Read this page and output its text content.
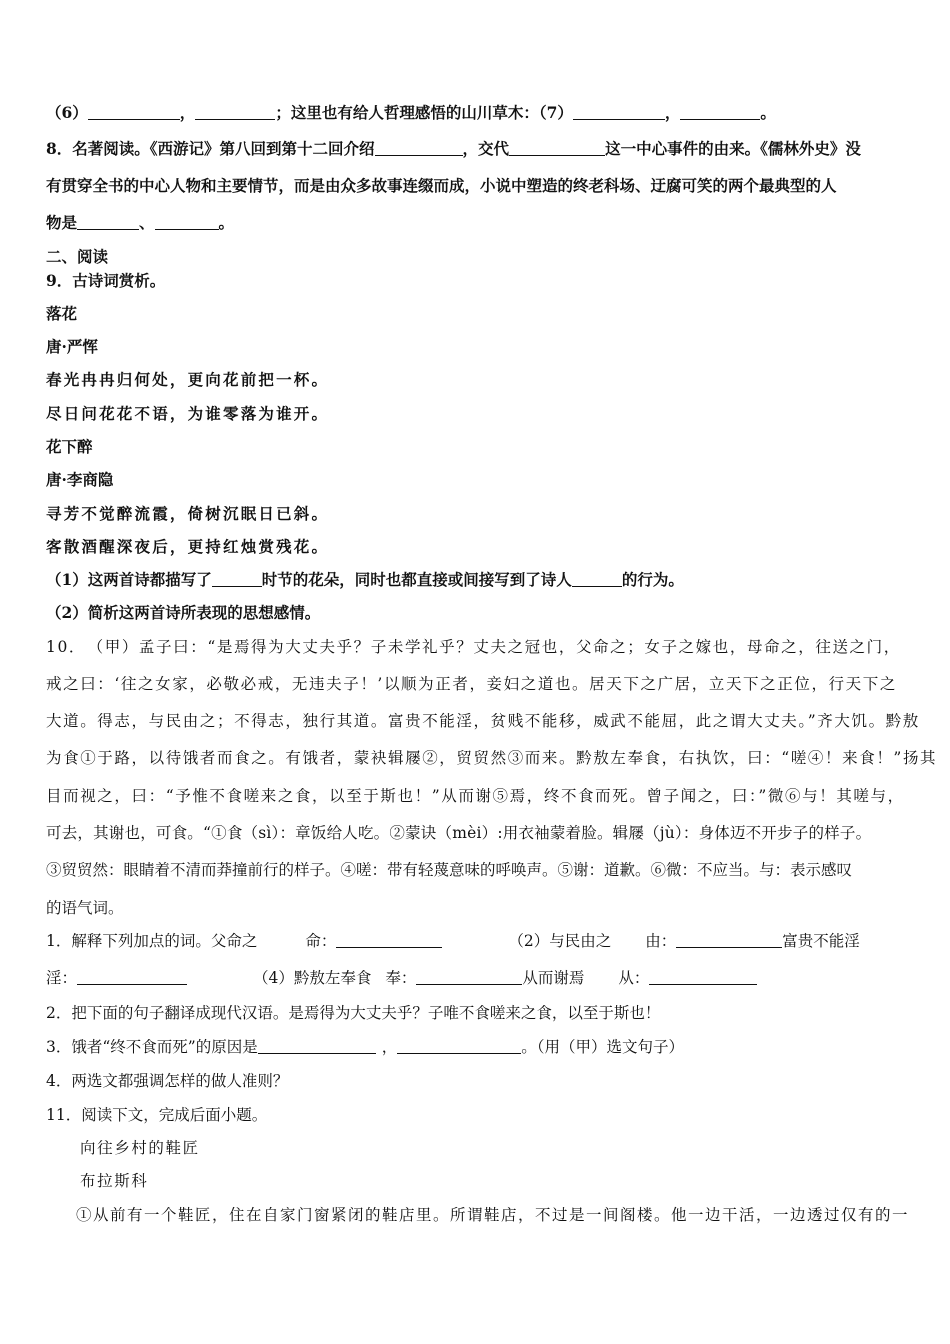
（6）	，	；这里也有给人哲理感悟的山川草木：（7）	，	。
8．名著阅读。《西游记》第八回到第十二回介绍	，交代	这一中心事件的由来。《儒林外史》没
有贯穿全书的中心人物和主要情节，而是由众多故事连缀而成，小说中塑造的终老科场、迂腐可笑的两个最典型的人
物是	、	。
二、阅读
9．古诗词赏析。
落花
唐·严恽
春光冉冉归何处，更向花前把一杯。
尽日问花花不语，为谁零落为谁开。
花下醉
唐·李商隐
寻芳不觉醉流霞，倚树沉眠日已斜。
客散酒醒深夜后，更持红烛赏残花。
（1）这两首诗都描写了	时节的花朵，同时也都直接或间接写到了诗人	的行为。
（2）简析这两首诗所表现的思想感情。
10．　（甲）孟子曰：“是焉得为大丈夫乎？子未学礼乎？丈夫之冠也，父命之；女子之嫁也，母命之，往送之门，
戒之曰：‘往之女家，必敬必戒，无违夫子！’以顺为正者，妾妇之道也。居天下之广居，立天下之正位，行天下之
大道。得志，与民由之；不得志，独行其道。富贵不能淫，贫贱不能移，威武不能屈，此之谓大丈夫。”齐大饥。黔敖
为食①于路，以待饿者而食之。有饿者，蒙袂辑屦②，贸贸然③而来。黔敖左奉食，右执饮，曰：“嗟④！来食！”扬其
目而视之，曰：“予惟不食嗟来之食，以至于斯也！”从而谢⑤焉，终不食而死。曾子闻之，曰：”微⑥与！其嗟与，
可去，其谢也，可食。“①食（sì）：章饭给人吃。②蒙诀（mèi）:用衣袖蒙着脸。辑屦（jù）：身体迈不开步子的样子。
③贸贸然：眼睛着不清而莽撞前行的样子。④嗟：带有轻蔑意味的呼唤声。⑤谢：道歉。⑥微：不应当。与：表示感叹
的语气词。
1．解释下列加点的词。父命之	命：	（2）与民由之 由：	富贵不能淫
淫：	（4）黔敖左奉食 奉：	从而谢焉 从：
2．把下面的句子翻译成现代汉语。是焉得为大丈夫乎？子唯不食嗟来之食，以至于斯也！
3．饿者“终不食而死”的原因是	，	。（用（甲）选文句子）
4．两选文都强调怎样的做人准则？
11．阅读下文，完成后面小题。
向往乡村的鞋匠
布拉斯科
①从前有一个鞋匠，住在自家门窗紧闭的鞋店里。所谓鞋店，不过是一间阁楼。他一边干活，一边透过仅有的一
